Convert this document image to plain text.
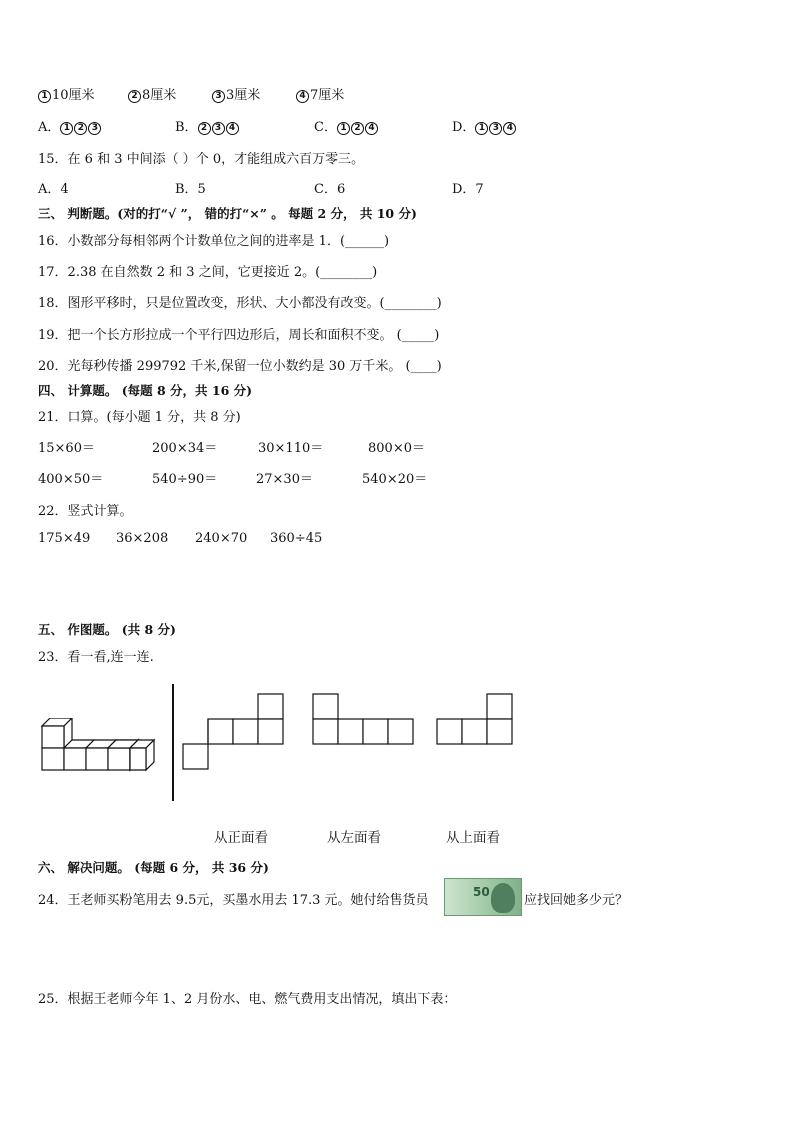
1 10厘米	2 8厘米	3 3厘米	4 7厘米
A． 1 2 3	B． 2 3 4	C． 1 2 4	D． 1 3 4
15．在 6 和 3 中间添（ ）个 0，才能组成六百万零三。
A．4	B．5	C．6	D．7
三、 判断题。(对的打“√ ”， 错的打“×” 。 每题 2 分， 共 10 分)
16．小数部分每相邻两个计数单位之间的进率是 1．(______)
17．2.38 在自然数 2 和 3 之间，它更接近 2。(________)
18．图形平移时，只是位置改变，形状、大小都没有改变。(________)
19．把一个长方形拉成一个平行四边形后，周长和面积不变。 (_____)
20．光每秒传播 299792 千米,保留一位小数约是 30 万千米。 (____)
四、 计算题。 (每题 8 分，共 16 分)
21．口算。(每小题 1 分，共 8 分)
15×60＝	200×34＝	30×110＝	800×0＝
400×50＝	540÷90＝	27×30＝	540×20＝
22．竖式计算。
175×49 36×208 240×70 360÷45
五、 作图题。 (共 8 分)
23．看一看,连一连.
从正面看	从左面看	从上面看
六、 解决问题。 (每题 6 分， 共 36 分)
24．王老师买粉笔用去 9.5元，买墨水用去 17.3 元。她付给售货员
50
应找回她多少元？
25．根据王老师今年 1、2 月份水、电、燃气费用支出情况，填出下表：
